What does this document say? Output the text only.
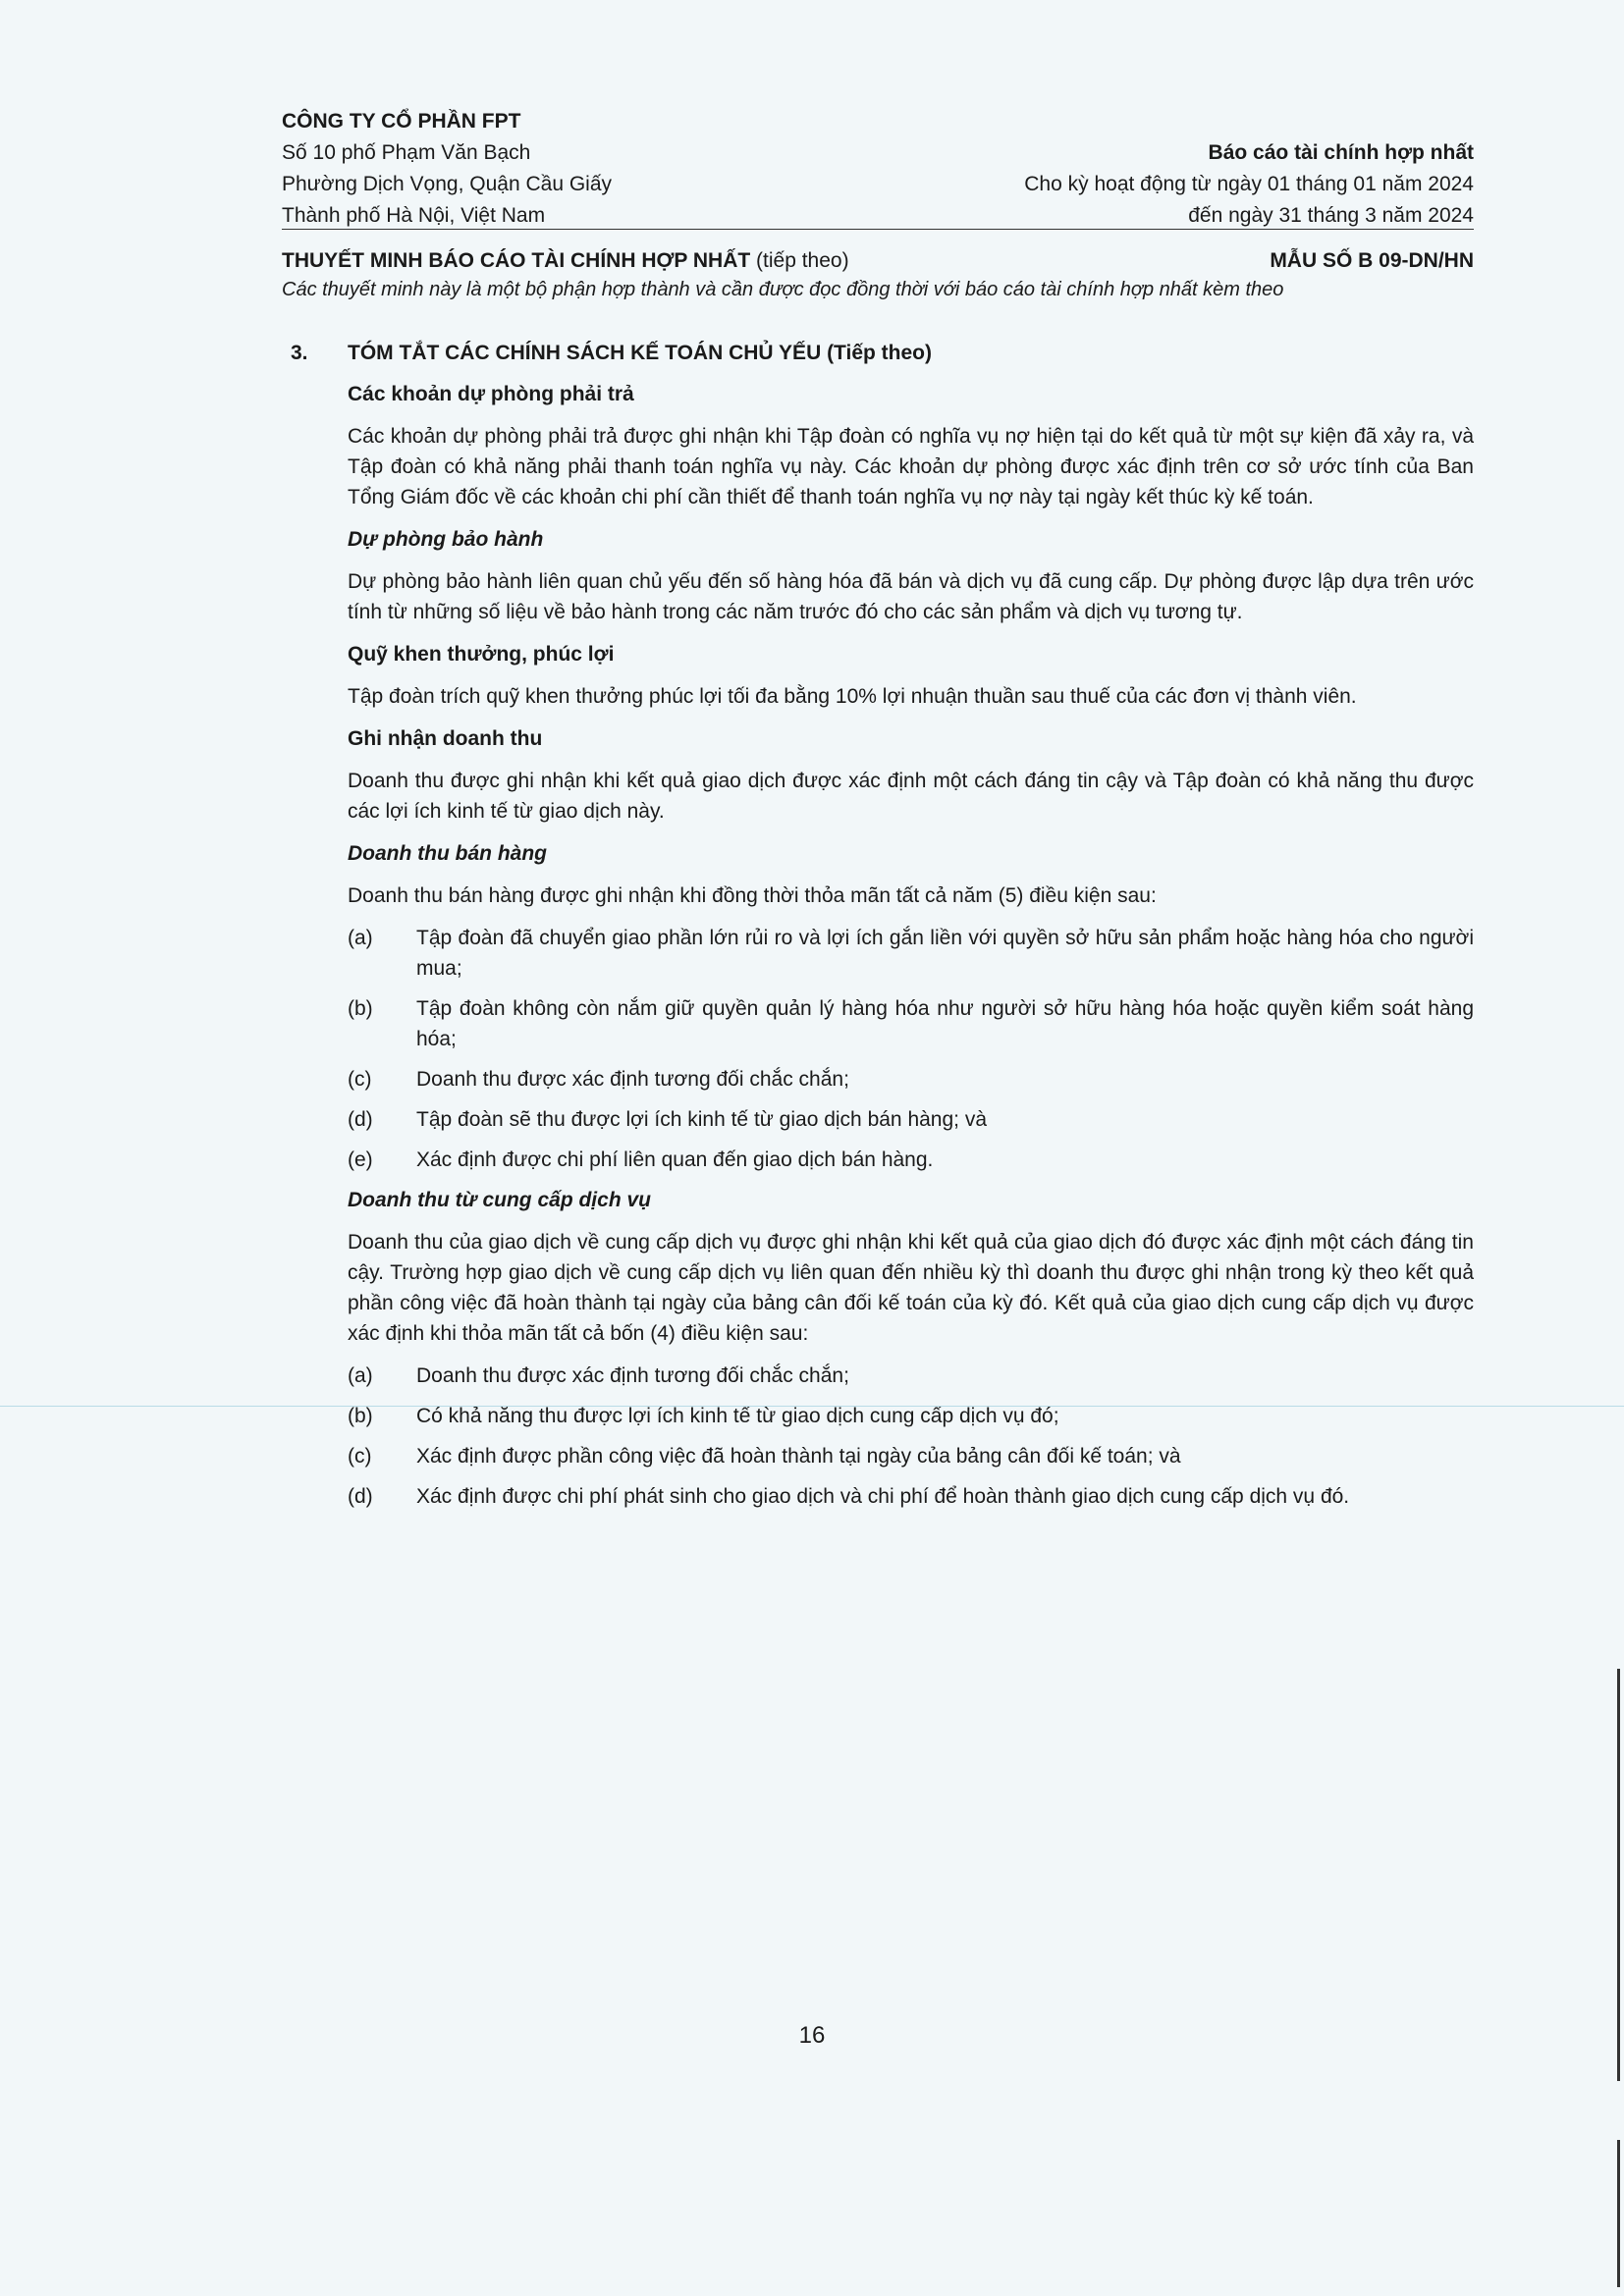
CÔNG TY CỔ PHẦN FPT
Số 10 phố Phạm Văn Bạch
Phường Dịch Vọng, Quận Cầu Giấy
Thành phố Hà Nội, Việt Nam
Báo cáo tài chính hợp nhất
Cho kỳ hoạt động từ ngày 01 tháng 01 năm 2024
đến ngày 31 tháng 3 năm 2024
THUYẾT MINH BÁO CÁO TÀI CHÍNH HỢP NHẤT (tiếp theo)	MẪU SỐ B 09-DN/HN
Các thuyết minh này là một bộ phận hợp thành và cần được đọc đồng thời với báo cáo tài chính hợp nhất kèm theo
3.	TÓM TẮT CÁC CHÍNH SÁCH KẾ TOÁN CHỦ YẾU (Tiếp theo)
Các khoản dự phòng phải trả
Các khoản dự phòng phải trả được ghi nhận khi Tập đoàn có nghĩa vụ nợ hiện tại do kết quả từ một sự kiện đã xảy ra, và Tập đoàn có khả năng phải thanh toán nghĩa vụ này. Các khoản dự phòng được xác định trên cơ sở ước tính của Ban Tổng Giám đốc về các khoản chi phí cần thiết để thanh toán nghĩa vụ nợ này tại ngày kết thúc kỳ kế toán.
Dự phòng bảo hành
Dự phòng bảo hành liên quan chủ yếu đến số hàng hóa đã bán và dịch vụ đã cung cấp. Dự phòng được lập dựa trên ước tính từ những số liệu về bảo hành trong các năm trước đó cho các sản phẩm và dịch vụ tương tự.
Quỹ khen thưởng, phúc lợi
Tập đoàn trích quỹ khen thưởng phúc lợi tối đa bằng 10% lợi nhuận thuần sau thuế của các đơn vị thành viên.
Ghi nhận doanh thu
Doanh thu được ghi nhận khi kết quả giao dịch được xác định một cách đáng tin cậy và Tập đoàn có khả năng thu được các lợi ích kinh tế từ giao dịch này.
Doanh thu bán hàng
Doanh thu bán hàng được ghi nhận khi đồng thời thỏa mãn tất cả năm (5) điều kiện sau:
(a)	Tập đoàn đã chuyển giao phần lớn rủi ro và lợi ích gắn liền với quyền sở hữu sản phẩm hoặc hàng hóa cho người mua;
(b)	Tập đoàn không còn nắm giữ quyền quản lý hàng hóa như người sở hữu hàng hóa hoặc quyền kiểm soát hàng hóa;
(c)	Doanh thu được xác định tương đối chắc chắn;
(d)	Tập đoàn sẽ thu được lợi ích kinh tế từ giao dịch bán hàng; và
(e)	Xác định được chi phí liên quan đến giao dịch bán hàng.
Doanh thu từ cung cấp dịch vụ
Doanh thu của giao dịch về cung cấp dịch vụ được ghi nhận khi kết quả của giao dịch đó được xác định một cách đáng tin cậy. Trường hợp giao dịch về cung cấp dịch vụ liên quan đến nhiều kỳ thì doanh thu được ghi nhận trong kỳ theo kết quả phần công việc đã hoàn thành tại ngày của bảng cân đối kế toán của kỳ đó. Kết quả của giao dịch cung cấp dịch vụ được xác định khi thỏa mãn tất cả bốn (4) điều kiện sau:
(a)	Doanh thu được xác định tương đối chắc chắn;
(b)	Có khả năng thu được lợi ích kinh tế từ giao dịch cung cấp dịch vụ đó;
(c)	Xác định được phần công việc đã hoàn thành tại ngày của bảng cân đối kế toán; và
(d)	Xác định được chi phí phát sinh cho giao dịch và chi phí để hoàn thành giao dịch cung cấp dịch vụ đó.
16
